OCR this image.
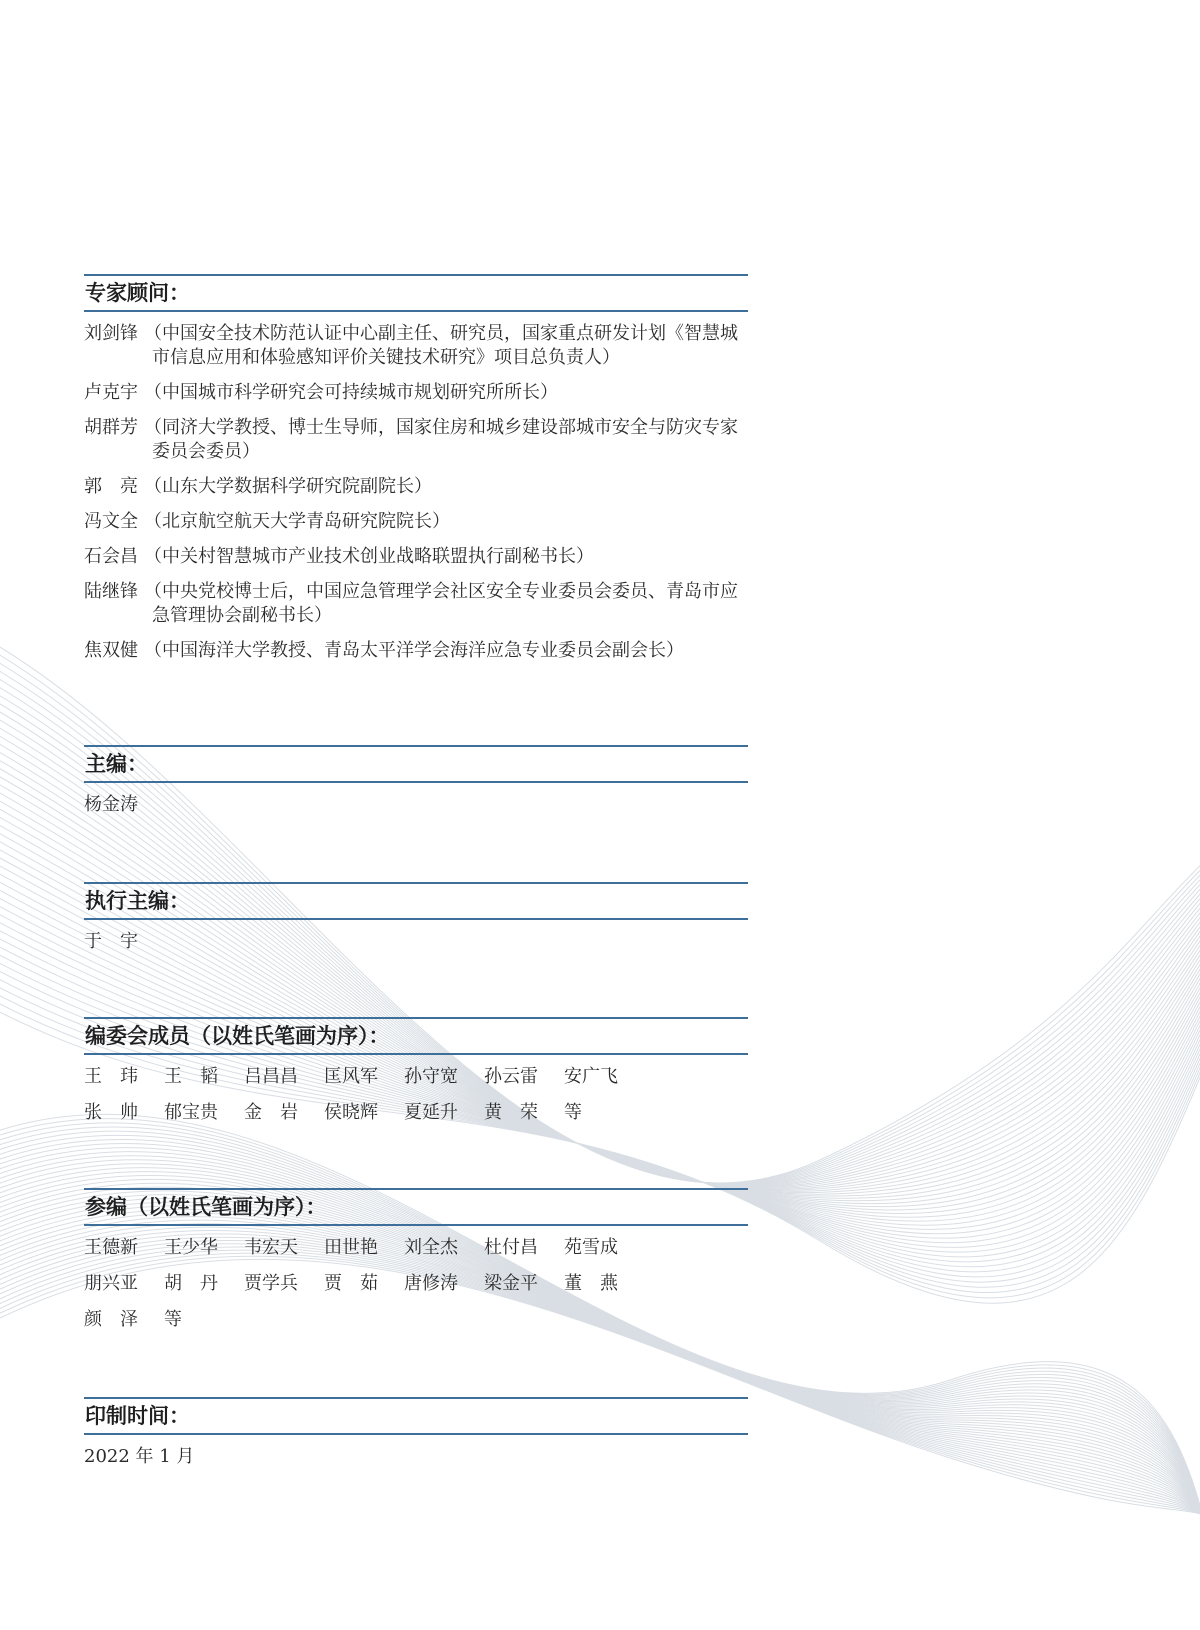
专家顾问：
刘剑锋 （中国安全技术防范认证中心副主任、研究员，国家重点研发计划《智慧城市信息应用和体验感知评价关键技术研究》项目总负责人）
卢克宇 （中国城市科学研究会可持续城市规划研究所所长）
胡群芳 （同济大学教授、博士生导师，国家住房和城乡建设部城市安全与防灾专家委员会委员）
郭　亮 （山东大学数据科学研究院副院长）
冯文全 （北京航空航天大学青岛研究院院长）
石会昌 （中关村智慧城市产业技术创业战略联盟执行副秘书长）
陆继锋 （中央党校博士后，中国应急管理学会社区安全专业委员会委员、青岛市应急管理协会副秘书长）
焦双健 （中国海洋大学教授、青岛太平洋学会海洋应急专业委员会副会长）
主编：
杨金涛
执行主编：
于　宇
编委会成员（以姓氏笔画为序）：
王　玮	王　韬	吕昌昌	匡风军	孙守宽	孙云雷	安广飞
张　帅	郁宝贵	金　岩	侯晓辉	夏延升	黄　荣	等
参编（以姓氏笔画为序）：
王德新	王少华	韦宏天	田世艳	刘全杰	杜付昌	苑雪成
朋兴亚	胡　丹	贾学兵	贾　茹	唐修涛	梁金平	董　燕
颜　泽	等
印制时间：
2022 年 1 月
